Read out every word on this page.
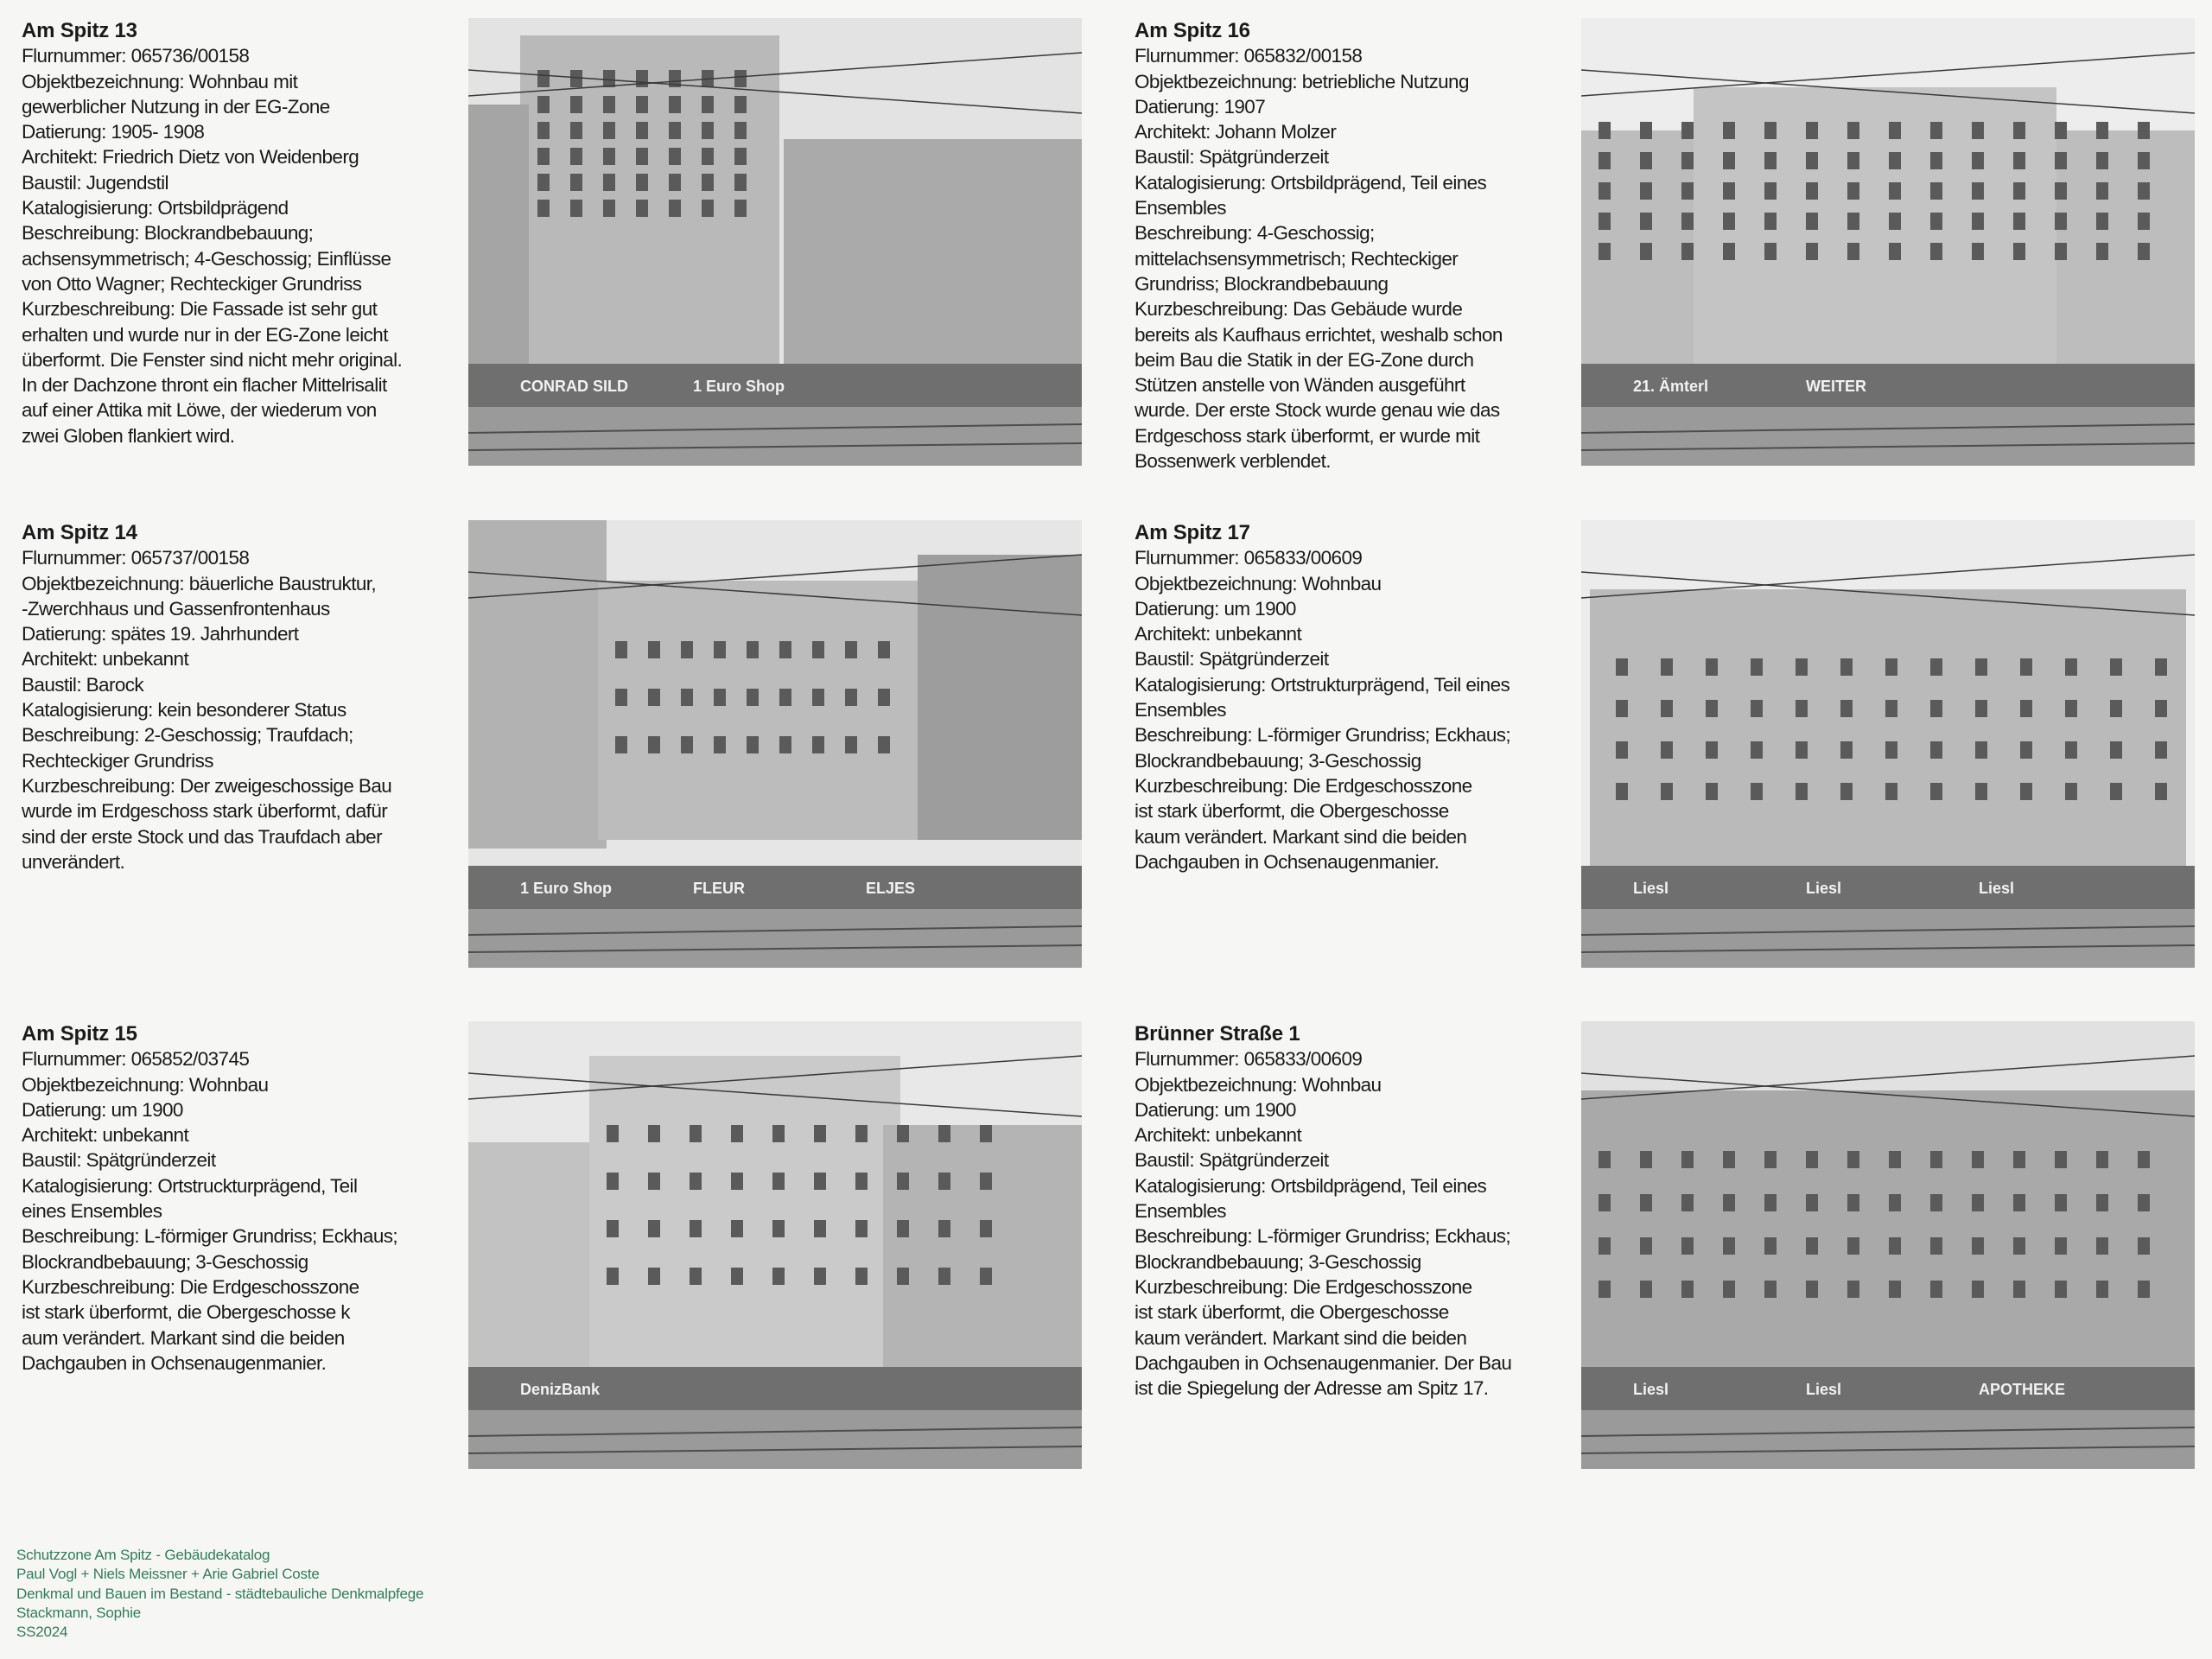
Am Spitz 13
Flurnummer: 065736/00158
Objektbezeichnung: Wohnbau mit
gewerblicher Nutzung in der EG-Zone
Datierung: 1905- 1908
Architekt: Friedrich Dietz von Weidenberg
Baustil: Jugendstil
Katalogisierung: Ortsbildprägend
Beschreibung: Blockrandbebauung;
achsensymmetrisch; 4-Geschossig; Einflüsse
von Otto Wagner; Rechteckiger Grundriss
Kurzbeschreibung: Die Fassade ist sehr gut
erhalten und wurde nur in der EG-Zone leicht
überformt. Die Fenster sind nicht mehr original.
In der Dachzone thront ein flacher Mittelrisalit
auf einer Attika mit Löwe, der wiederum von
zwei Globen flankiert wird.
CONRAD SILD	1 Euro Shop
Am Spitz 16
Flurnummer: 065832/00158
Objektbezeichnung: betriebliche Nutzung
Datierung: 1907
Architekt: Johann Molzer
Baustil: Spätgründerzeit
Katalogisierung: Ortsbildprägend, Teil eines
Ensembles
Beschreibung: 4-Geschossig;
mittelachsensymmetrisch; Rechteckiger
Grundriss; Blockrandbebauung
Kurzbeschreibung: Das Gebäude wurde
bereits als Kaufhaus errichtet, weshalb schon
beim Bau die Statik in der EG-Zone durch
Stützen anstelle von Wänden ausgeführt
wurde. Der erste Stock wurde genau wie das
Erdgeschoss stark überformt, er wurde mit
Bossenwerk verblendet.
21. Ämterl	WEITER
Am Spitz 14
Flurnummer: 065737/00158
Objektbezeichnung: bäuerliche Baustruktur,
-Zwerchhaus und Gassenfrontenhaus
Datierung: spätes 19. Jahrhundert
Architekt: unbekannt
Baustil: Barock
Katalogisierung: kein besonderer Status
Beschreibung: 2-Geschossig; Traufdach;
Rechteckiger Grundriss
Kurzbeschreibung: Der zweigeschossige Bau
wurde im Erdgeschoss stark überformt, dafür
sind der erste Stock und das Traufdach aber
unverändert.
1 Euro Shop	FLEUR	ELJES
Am Spitz 17
Flurnummer: 065833/00609
Objektbezeichnung: Wohnbau
Datierung: um 1900
Architekt: unbekannt
Baustil: Spätgründerzeit
Katalogisierung: Ortstrukturprägend, Teil eines
Ensembles
Beschreibung: L-förmiger Grundriss; Eckhaus;
Blockrandbebauung; 3-Geschossig
Kurzbeschreibung: Die Erdgeschosszone
ist stark überformt, die Obergeschosse
kaum verändert. Markant sind die beiden
Dachgauben in Ochsenaugenmanier.
Liesl	Liesl	Liesl
Am Spitz 15
Flurnummer: 065852/03745
Objektbezeichnung: Wohnbau
Datierung: um 1900
Architekt: unbekannt
Baustil: Spätgründerzeit
Katalogisierung: Ortstruckturprägend, Teil
eines Ensembles
Beschreibung: L-förmiger Grundriss; Eckhaus;
Blockrandbebauung; 3-Geschossig
Kurzbeschreibung: Die Erdgeschosszone
ist stark überformt, die Obergeschosse k
aum verändert. Markant sind die beiden
Dachgauben in Ochsenaugenmanier.
DenizBank
Brünner Straße 1
Flurnummer: 065833/00609
Objektbezeichnung: Wohnbau
Datierung: um 1900
Architekt: unbekannt
Baustil: Spätgründerzeit
Katalogisierung: Ortsbildprägend, Teil eines
Ensembles
Beschreibung: L-förmiger Grundriss; Eckhaus;
Blockrandbebauung; 3-Geschossig
Kurzbeschreibung: Die Erdgeschosszone
ist stark überformt, die Obergeschosse
kaum verändert. Markant sind die beiden
Dachgauben in Ochsenaugenmanier. Der Bau
ist die Spiegelung der Adresse am Spitz 17.	Liesl	Liesl	APOTHEKE
Schutzzone Am Spitz - Gebäudekatalog
Paul Vogl + Niels Meissner + Arie Gabriel Coste
Denkmal und Bauen im Bestand - städtebauliche Denkmalpfege
Stackmann, Sophie
SS2024
